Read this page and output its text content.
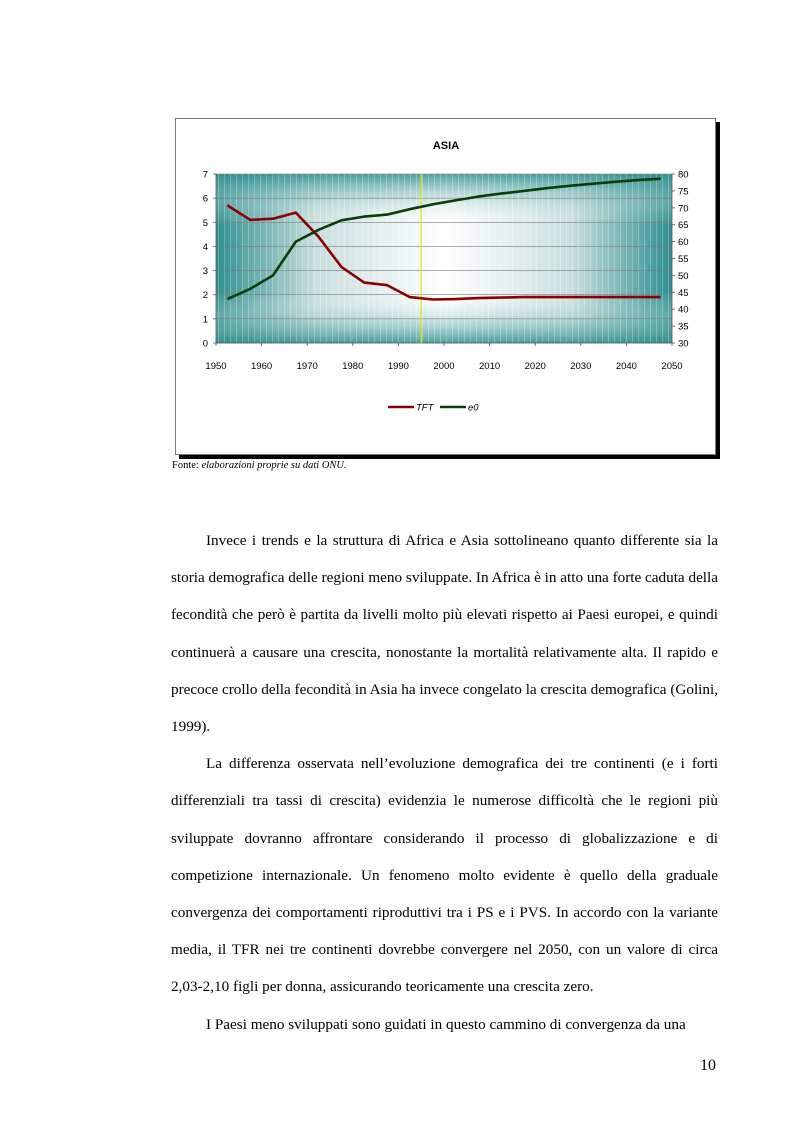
ASIA
0
1
2
3
4
5
6
7
30
35
40
45
50
55
60
65
70
75
80
1950	1960	1970	1980	1990	2000	2010	2020	2030	2040	2050
TFT	e0
Fonte: elaborazioni proprie su dati ONU.

Invece i trends e la struttura di Africa e Asia sottolineano quanto differente sia la storia demografica delle regioni meno sviluppate. In Africa è in atto una forte caduta della fecondità che però è partita da livelli molto più elevati rispetto ai Paesi europei, e quindi continuerà a causare una crescita, nonostante la mortalità relativamente alta. Il rapido e precoce crollo della fecondità in Asia ha invece congelato la crescita demografica (Golini, 1999).

La differenza osservata nell’evoluzione demografica dei tre continenti (e i forti differenziali tra tassi di crescita) evidenzia le numerose difficoltà che le regioni più sviluppate dovranno affrontare considerando il processo di globalizzazione e di competizione internazionale. Un fenomeno molto evidente è quello della graduale convergenza dei comportamenti riproduttivi tra i PS e i PVS. In accordo con la variante media, il TFR nei tre continenti dovrebbe convergere nel 2050, con un valore di circa 2,03-2,10 figli per donna, assicurando teoricamente una crescita zero.

I Paesi meno sviluppati sono guidati in questo cammino di convergenza da una

10
